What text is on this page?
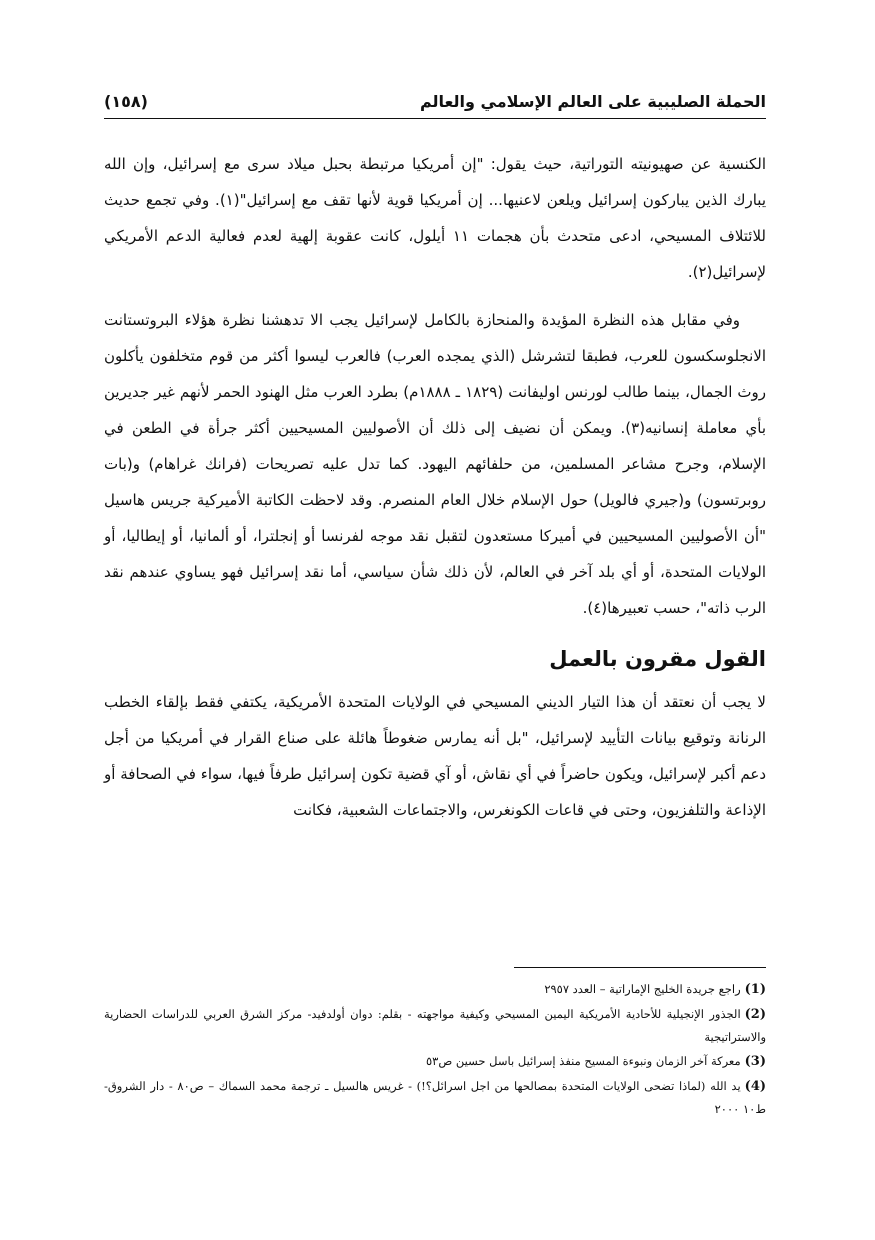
الحملة الصليبية على العالم الإسلامي والعالم
(١٥٨)

الكنسية عن صهيونيته التوراتية، حيث يقول: "إن أمريكيا مرتبطة بحبل ميلاد سرى مع إسرائيل، وإن الله يبارك الذين يباركون إسرائيل ويلعن لاعنيها... إن أمريكيا قوية لأنها تقف مع إسرائيل"(١). وفي تجمع حديث للائتلاف المسيحي، ادعى متحدث بأن هجمات ١١ أيلول، كانت عقوبة إلهية لعدم فعالية الدعم الأمريكي لإسرائيل(٢).

وفي مقابل هذه النظرة المؤيدة والمنحازة بالكامل لإسرائيل يجب الا تدهشنا نظرة هؤلاء البروتستانت الانجلوسكسون للعرب، فطبقا لتشرشل (الذي يمجده العرب) فالعرب ليسوا أكثر من قوم متخلفون يأكلون روث الجمال، بينما طالب لورنس اوليفانت (١٨٢٩ ـ ١٨٨٨م) بطرد العرب مثل الهنود الحمر لأنهم غير جديرين بأي معاملة إنسانيه(٣). ويمكن أن نضيف إلى ذلك أن الأصوليين المسيحيين أكثر جرأة في الطعن في الإسلام، وجرح مشاعر المسلمين، من حلفائهم اليهود. كما تدل عليه تصريحات (فرانك غراهام) و(بات روبرتسون) و(جيري فالويل) حول الإسلام خلال العام المنصرم. وقد لاحظت الكاتبة الأميركية جريس هاسيل "أن الأصوليين المسيحيين في أميركا مستعدون لتقبل نقد موجه لفرنسا أو إنجلترا، أو ألمانيا، أو إيطاليا، أو الولايات المتحدة، أو أي بلد آخر في العالم، لأن ذلك شأن سياسي، أما نقد إسرائيل فهو يساوي عندهم نقد الرب ذاته"، حسب تعبيرها(٤).

القول مقرون بالعمل

لا يجب أن نعتقد أن هذا التيار الديني المسيحي في الولايات المتحدة الأمريكية، يكتفي فقط بإلقاء الخطب الرنانة وتوقيع بيانات التأييد لإسرائيل، "بل أنه يمارس ضغوطاً هائلة على صناع القرار في أمريكيا من أجل دعم أكبر لإسرائيل، ويكون حاضراً في أي نقاش، أو آي قضية تكون إسرائيل طرفاً فيها، سواء في الصحافة أو الإذاعة والتلفزيون، وحتى في قاعات الكونغرس، والاجتماعات الشعبية، فكانت

(1)راجع جريدة الخليج الإماراتية – العدد ٢٩٥٧

(2)الجذور الإنجيلية للأحادية الأمريكية اليمين المسيحي وكيفية مواجهته - بقلم: دوان أولدفيد- مركز الشرق العربي للدراسات الحضارية والاستراتيجية

(3)معركة آخر الزمان ونبوءة المسيح منفذ إسرائيل باسل حسين ص٥٣

(4)يد الله (لماذا تضحى الولايات المتحدة بمصالحها من اجل اسرائل؟!) - غريس هالسيل ـ ترجمة محمد السماك – ص٨٠ - دار الشروق- ط١٠ ٢٠٠٠
